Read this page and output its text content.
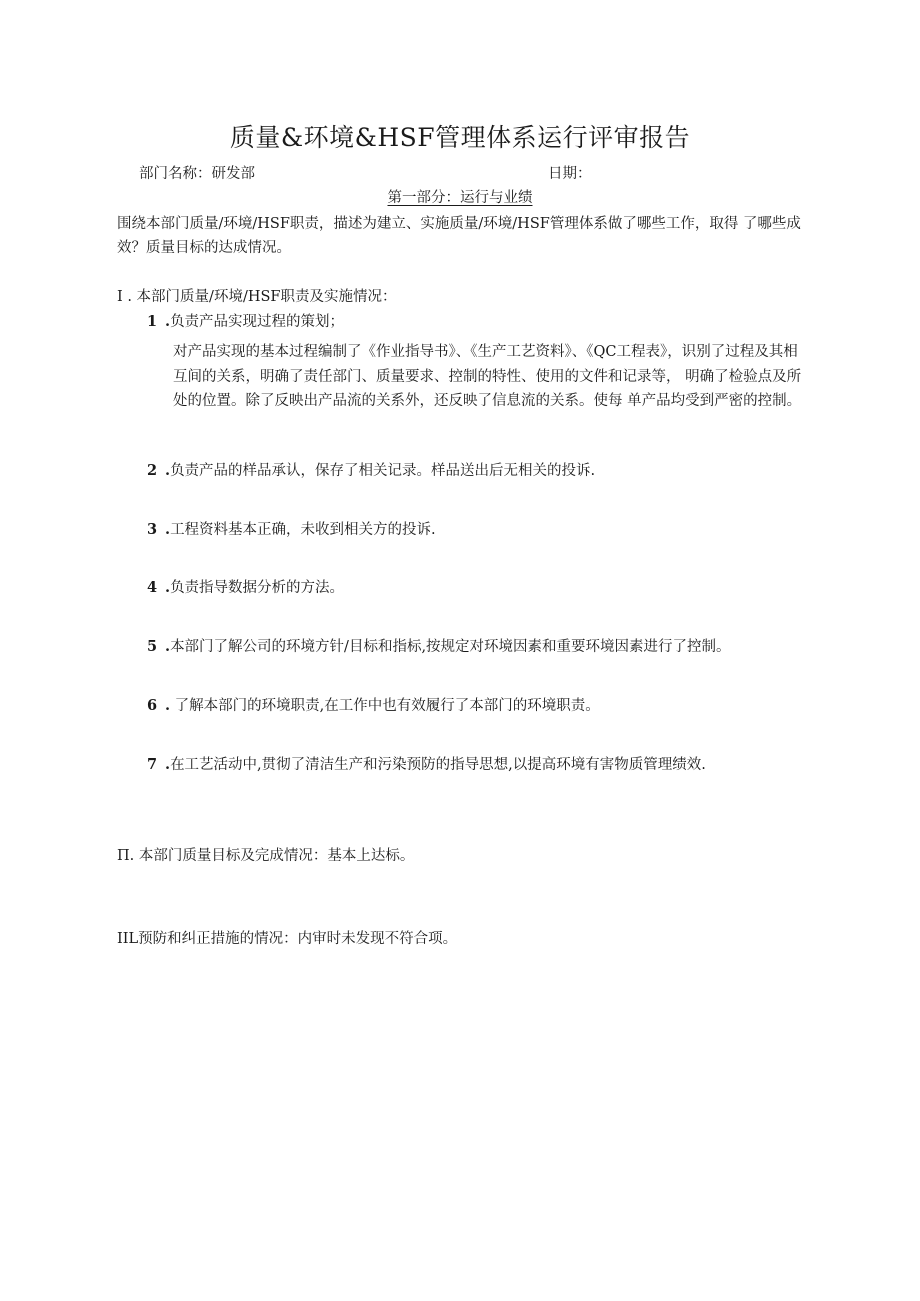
质量&环境&HSF管理体系运行评审报告
部门名称：研发部	日期：
第一部分：运行与业绩
围绕本部门质量/环境/HSF职责，描述为建立、实施质量/环境/HSF管理体系做了哪些工作，取得 了哪些成效？质量目标的达成情况。
I . 本部门质量/环境/HSF职责及实施情况：
1 .负责产品实现过程的策划；
对产品实现的基本过程编制了《作业指导书》、《生产工艺资料》、《QC工程表》，识别了过程及其相互间的关系，明确了责任部门、质量要求、控制的特性、使用的文件和记录等， 明确了检验点及所处的位置。除了反映出产品流的关系外，还反映了信息流的关系。使每 单产品均受到严密的控制。
2 .负责产品的样品承认，保存了相关记录。样品送出后无相关的投诉.
3 .工程资料基本正确，未收到相关方的投诉.
4 .负责指导数据分析的方法。
5 .本部门了解公司的环境方针/目标和指标,按规定对环境因素和重要环境因素进行了控制。
6 . 了解本部门的环境职责,在工作中也有效履行了本部门的环境职责。
7 .在工艺活动中,贯彻了清洁生产和污染预防的指导思想,以提高环境有害物质管理绩效.
П. 本部门质量目标及完成情况：基本上达标。
IIL预防和纠正措施的情况：内审时未发现不符合项。
